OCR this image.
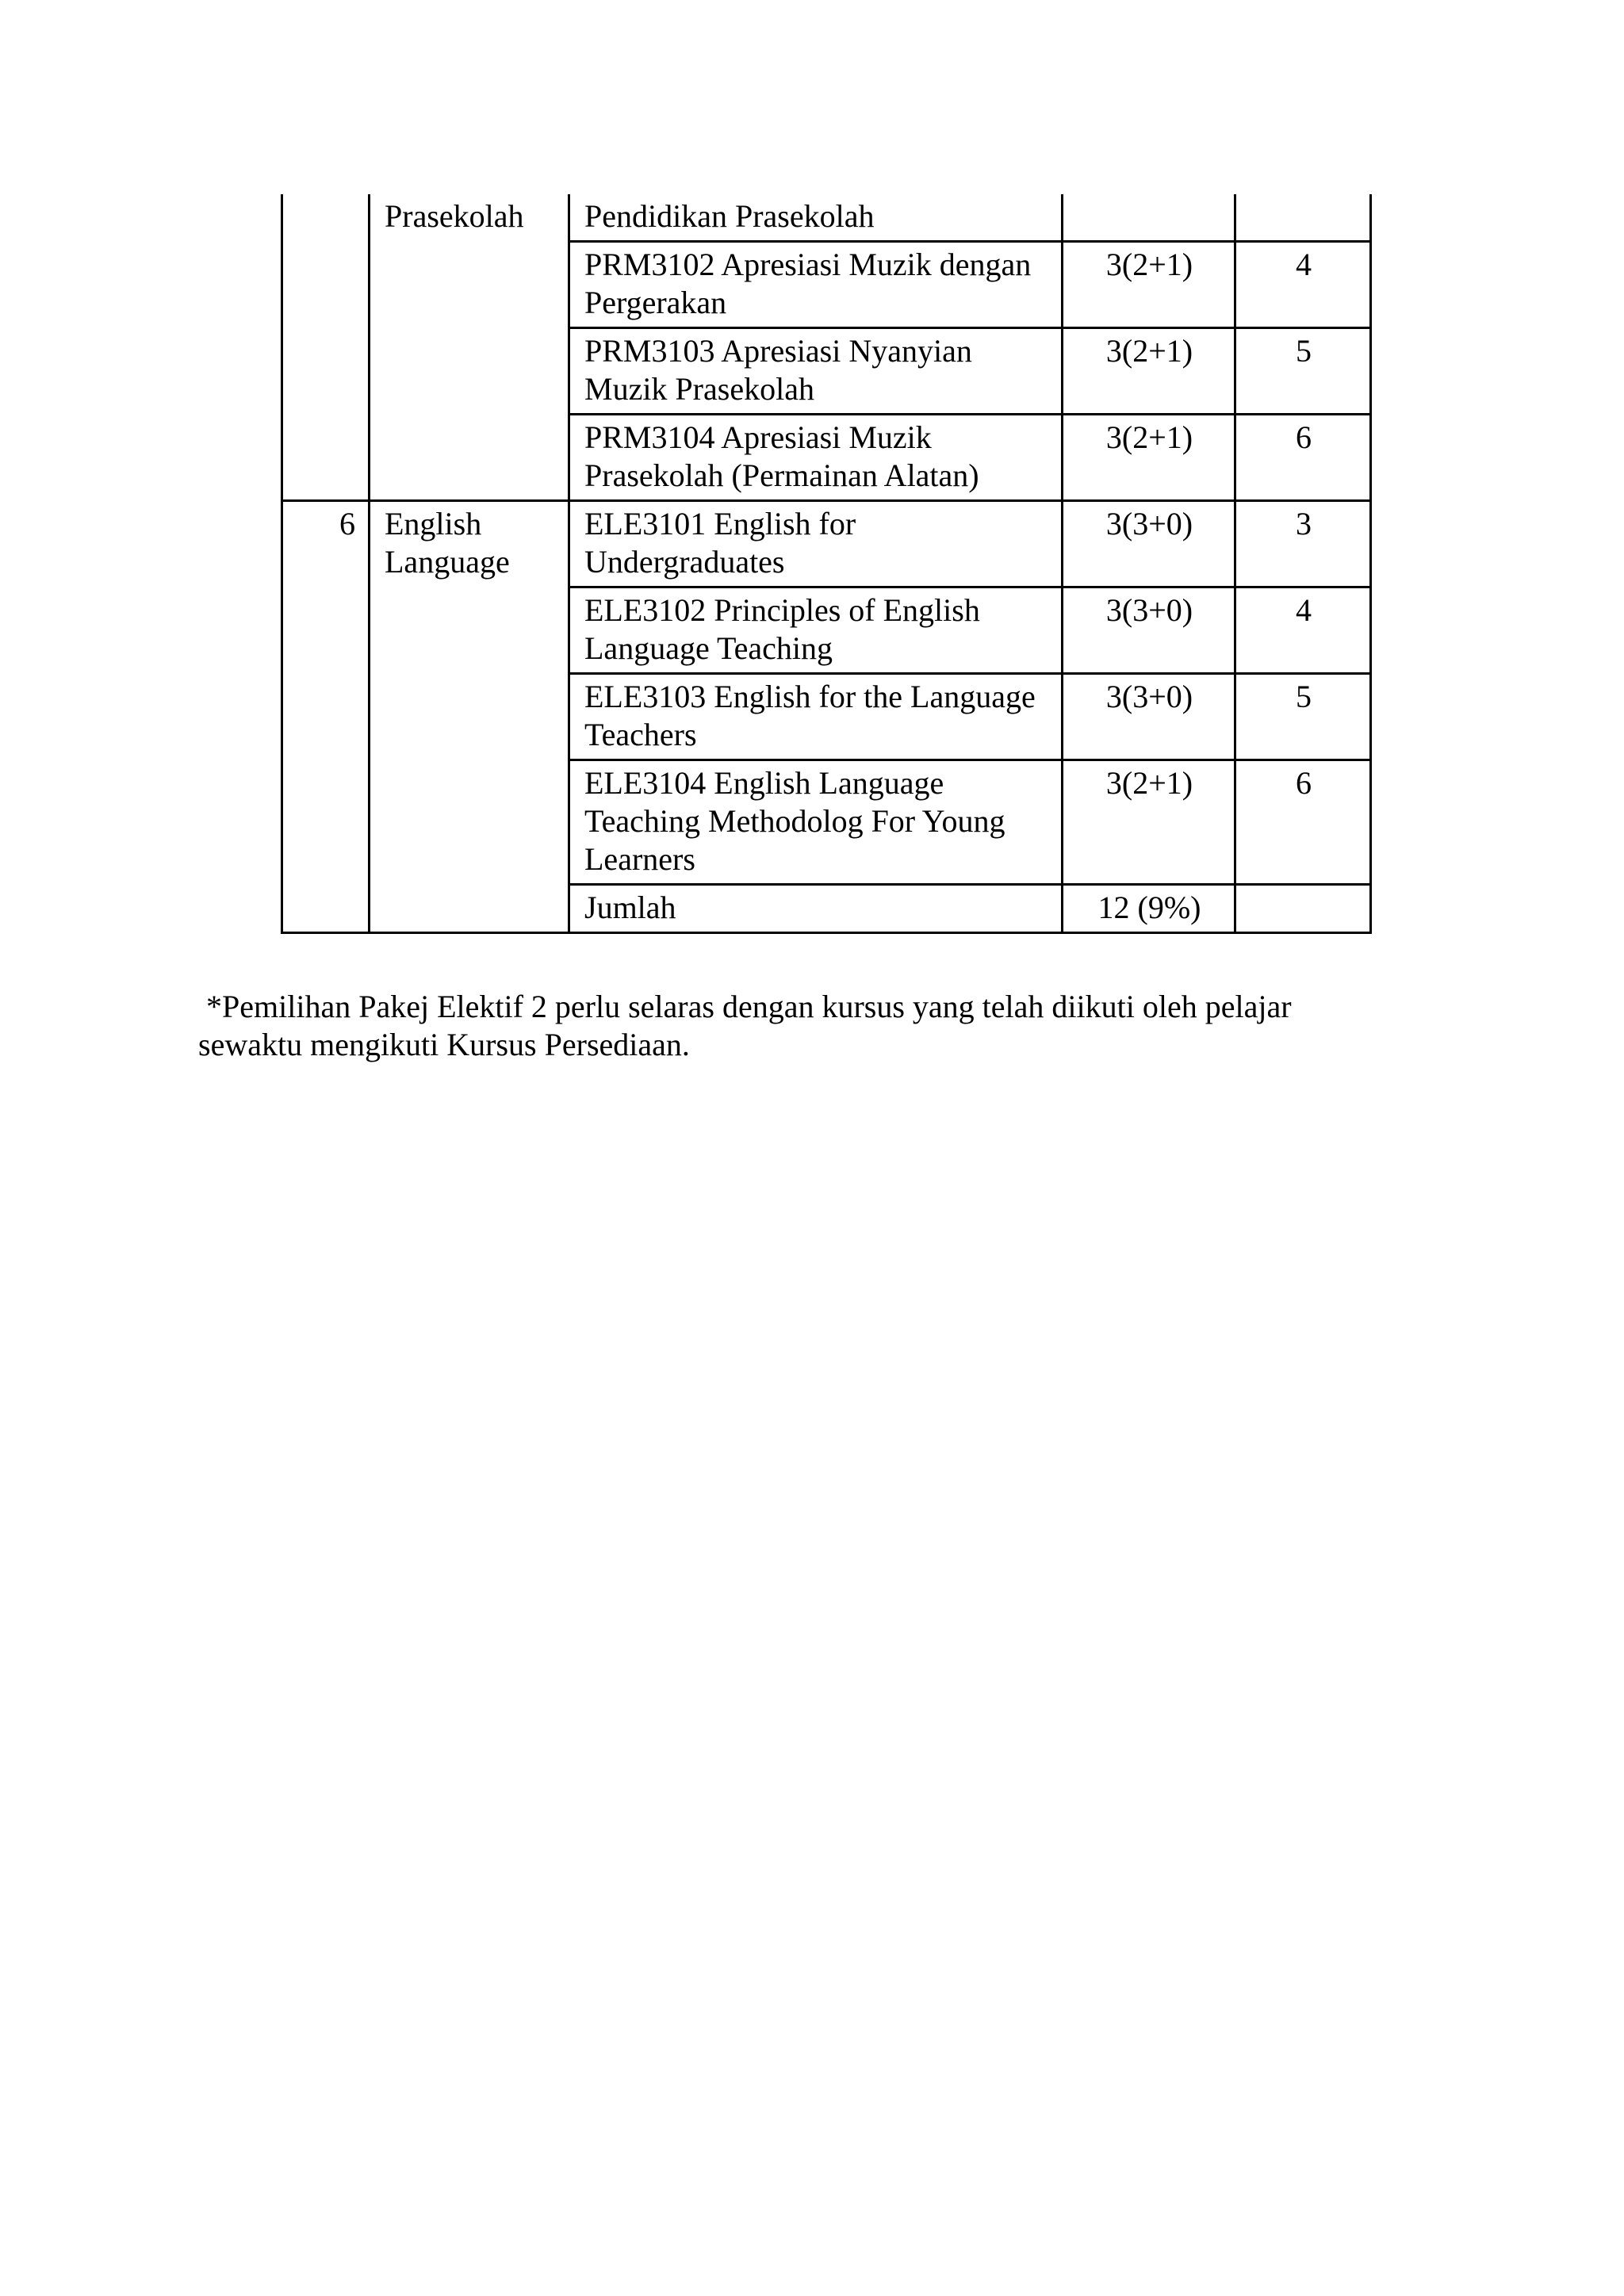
	Prasekolah	Pendidikan Prasekolah		
		PRM3102 Apresiasi Muzik dengan Pergerakan	3(2+1)	4
		PRM3103 Apresiasi Nyanyian Muzik Prasekolah	3(2+1)	5
		PRM3104 Apresiasi Muzik Prasekolah (Permainan Alatan)	3(2+1)	6
6	English Language	ELE3101 English for Undergraduates	3(3+0)	3
		ELE3102 Principles of English Language Teaching	3(3+0)	4
		ELE3103 English for the Language Teachers	3(3+0)	5
		ELE3104 English Language Teaching Methodolog For Young Learners	3(2+1)	6
		Jumlah	12 (9%)	
*Pemilihan Pakej Elektif 2 perlu selaras dengan kursus yang telah diikuti oleh pelajar
sewaktu mengikuti Kursus Persediaan.
